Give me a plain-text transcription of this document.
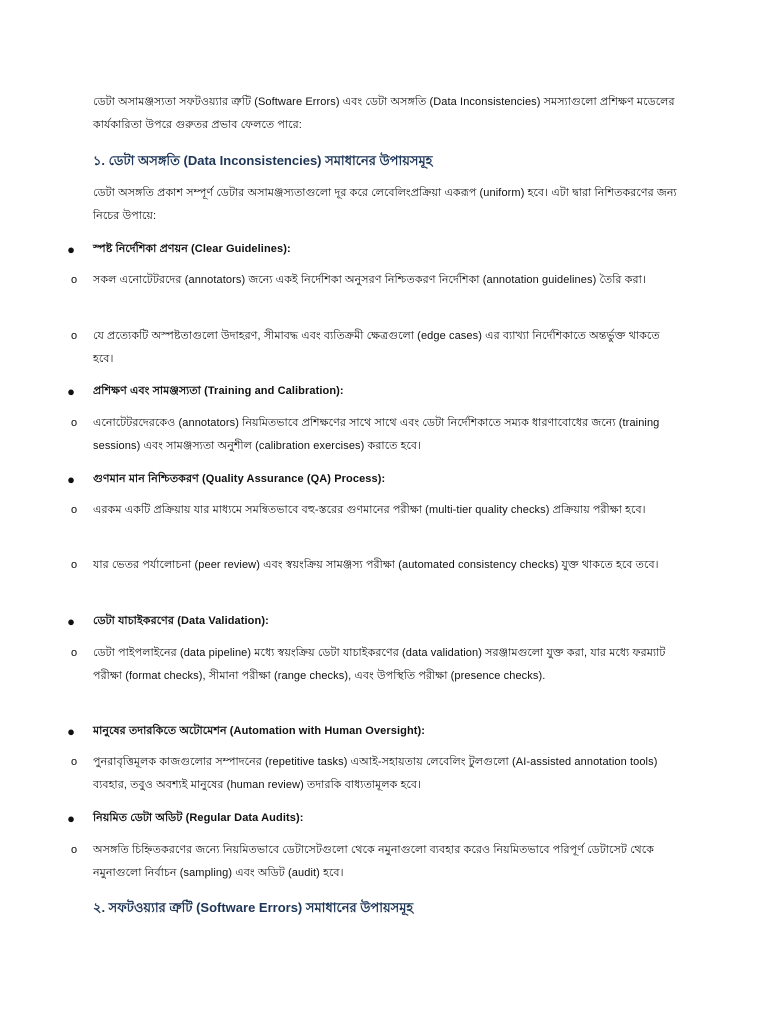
ডেটা অসামঞ্জস্যতা সফটওয়্যার ত্রুটি (Software Errors) এবং ডেটা অসঙ্গতি (Data Inconsistencies) সমস্যাগুলো প্রশিক্ষণ মডেলের কার্যকারিতা উপরে গুরুতর প্রভাব ফেলতে পারে:
১. ডেটা অসঙ্গতি (Data Inconsistencies) সমাধানের উপায়সমূহ
ডেটা অসঙ্গতি প্রকাশ সম্পূর্ণ ডেটার অসামঞ্জস্যতাগুলো দূর করে লেবেলিংপ্রক্রিয়া একরূপ (uniform) হবে। এটা দ্বারা নিশিতকরণের জন্য নিচের উপায়ে:
●	স্পষ্ট নির্দেশিকা প্রণয়ন (Clear Guidelines):
o	সকল এনোটেটরদের (annotators) জন্যে একই নির্দেশিকা অনুসরণ নিশ্চিতকরণ নির্দেশিকা (annotation guidelines) তৈরি করা।
o	যে প্রত্যেকটি অস্পষ্টতাগুলো উদাহরণ, সীমাবদ্ধ এবং ব্যতিক্রমী ক্ষেত্রগুলো (edge cases) এর ব্যাখ্যা নির্দেশিকাতে অন্তর্ভুক্ত থাকতে হবে।
●	প্রশিক্ষণ এবং সামঞ্জস্যতা (Training and Calibration):
o	এনোটেটরদেরকেও (annotators) নিয়মিতভাবে প্রশিক্ষণের সাথে সাথে এবং ডেটা নির্দেশিকাতে সম্যক ধারণাবোধের জন্যে (training sessions) এবং সামঞ্জস্যতা অনুশীল (calibration exercises) করাতে হবে।
●	গুণমান মান নিশ্চিতকরণ (Quality Assurance (QA) Process):
o	এরকম একটি প্রক্রিয়ায় যার মাধ্যমে সমন্বিতভাবে বহু-স্তরের গুণমানের পরীক্ষা (multi-tier quality checks) প্রক্রিয়ায় পরীক্ষা হবে।
o	যার ভেতর পর্যালোচনা (peer review) এবং স্বয়ংক্রিয় সামঞ্জস্য পরীক্ষা (automated consistency checks) যুক্ত থাকতে হবে তবে।
●	ডেটা যাচাইকরণের (Data Validation):
o	ডেটা পাইপলাইনের (data pipeline) মধ্যে স্বয়ংক্রিয় ডেটা যাচাইকরণের (data validation) সরঞ্জামগুলো যুক্ত করা, যার মধ্যে ফরম্যাট পরীক্ষা (format checks), সীমানা পরীক্ষা (range checks), এবং উপস্থিতি পরীক্ষা (presence checks).
●	মানুষের তদারকিতে অটোমেশন (Automation with Human Oversight):
o	পুনরাবৃত্তিমূলক কাজগুলোর সম্পাদনের (repetitive tasks) এআই-সহায়তায় লেবেলিং টুলগুলো (AI-assisted annotation tools) ব্যবহার, তবুও অবশ্যই মানুষের (human review) তদারকি বাধ্যতামূলক হবে।
●	নিয়মিত ডেটা অডিট (Regular Data Audits):
o	অসঙ্গতি চিহ্নিতকরণের জন্যে নিয়মিতভাবে ডেটাসেটগুলো থেকে নমুনাগুলো ব্যবহার করেও নিয়মিতভাবে পরিপূর্ণ ডেটাসেট থেকে নমুনাগুলো নির্বাচন (sampling) এবং অডিট (audit) হবে।
২. সফটওয়্যার ত্রুটি (Software Errors) সমাধানের উপায়সমূহ
